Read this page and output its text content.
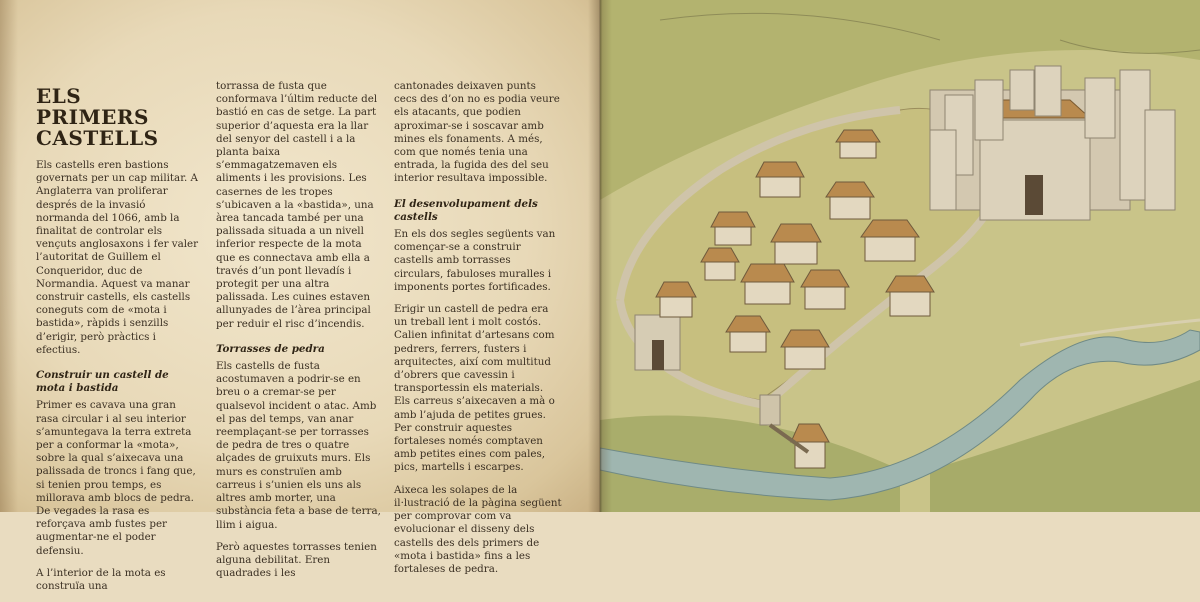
ELS PRIMERS CASTELLS

Els castells eren bastions governats per un cap militar. A Anglaterra van proliferar després de la invasió normanda del 1066, amb la finalitat de controlar els vençuts anglosaxons i fer valer l’autoritat de Guillem el Conqueridor, duc de Normandia. Aquest va manar construir castells, els castells coneguts com de «mota i bastida», ràpids i senzills d’erigir, però pràctics i efectius.

Construir un castell de mota i bastida

Primer es cavava una gran rasa circular i al seu interior s’amuntegava la terra extreta per a conformar la «mota», sobre la qual s’aixecava una palissada de troncs i fang que, si tenien prou temps, es millorava amb blocs de pedra. De vegades la rasa es reforçava amb fustes per augmentar-ne el poder defensiu.

A l’interior de la mota es construïa una

torrassa de fusta que conformava l’últim reducte del bastió en cas de setge. La part superior d’aquesta era la llar del senyor del castell i a la planta baixa s’emmagatzemaven els aliments i les provisions. Les casernes de les tropes s’ubicaven a la «bastida», una àrea tancada també per una palissada situada a un nivell inferior respecte de la mota que es connectava amb ella a través d’un pont llevadís i protegit per una altra palissada. Les cuines estaven allunyades de l’àrea principal per reduir el risc d’incendis.

Torrasses de pedra

Els castells de fusta acostumaven a podrir-se en breu o a cremar-se per qualsevol incident o atac. Amb el pas del temps, van anar reemplaçant-se per torrasses de pedra de tres o quatre alçades de gruixuts murs. Els murs es construïen amb carreus i s’unien els uns als altres amb morter, una substància feta a base de terra, llim i aigua.

Però aquestes torrasses tenien alguna debilitat. Eren quadrades i les

cantonades deixaven punts cecs des d’on no es podia veure els atacants, que podien aproximar-se i soscavar amb mines els fonaments. A més, com que només tenia una entrada, la fugida des del seu interior resultava impossible.

El desenvolupament dels castells

En els dos segles següents van començar-se a construir castells amb torrasses circulars, fabuloses muralles i imponents portes fortificades.

Erigir un castell de pedra era un treball lent i molt costós. Calien infinitat d’artesans com pedrers, ferrers, fusters i arquitectes, així com multitud d’obrers que cavessin i transportessin els materials. Els carreus s’aixecaven a mà o amb l’ajuda de petites grues. Per construir aquestes fortaleses només comptaven amb petites eines com pales, pics, martells i escarpes.

Aixeca les solapes de la il·lustració de la pàgina següent per comprovar com va evolucionar el disseny dels castells des dels primers de «mota i bastida» fins a les fortaleses de pedra.
